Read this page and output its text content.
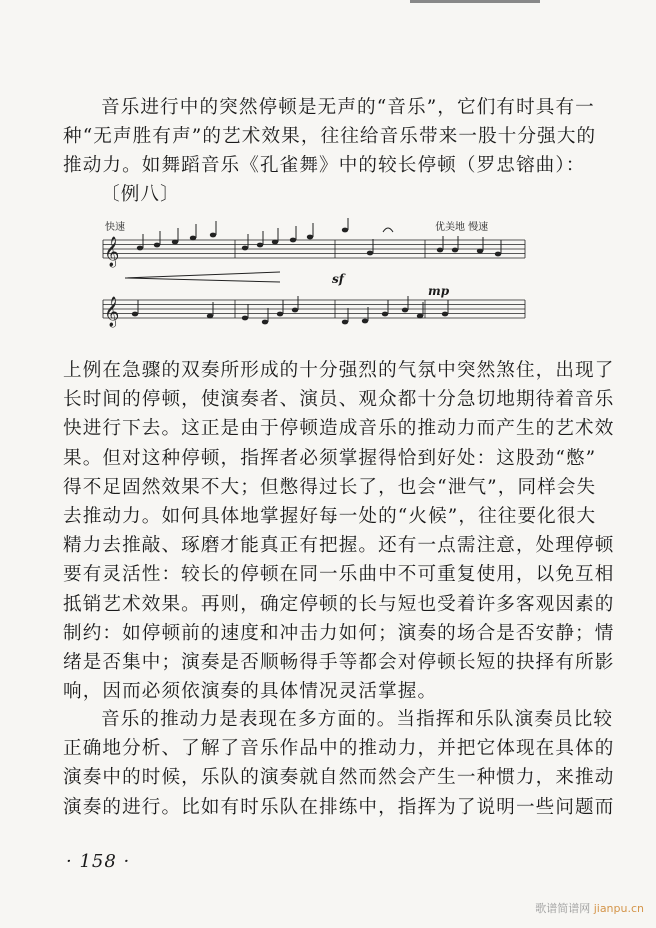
音乐进行中的突然停顿是无声的“音乐”，它们有时具有一
种“无声胜有声”的艺术效果，往往给音乐带来一股十分强大的
推动力。如舞蹈音乐《孔雀舞》中的较长停顿（罗忠镕曲）：
〔例八〕
快速	优美地 慢速
sf
mp
𝄞
𝄞
上例在急骤的双奏所形成的十分强烈的气氛中突然煞住，出现了
长时间的停顿，使演奏者、演员、观众都十分急切地期待着音乐
快进行下去。这正是由于停顿造成音乐的推动力而产生的艺术效
果。但对这种停顿，指挥者必须掌握得恰到好处：这股劲“憋”
得不足固然效果不大；但憋得过长了，也会“泄气”，同样会失
去推动力。如何具体地掌握好每一处的“火候”，往往要化很大
精力去推敲、琢磨才能真正有把握。还有一点需注意，处理停顿
要有灵活性：较长的停顿在同一乐曲中不可重复使用，以免互相
抵销艺术效果。再则，确定停顿的长与短也受着许多客观因素的
制约：如停顿前的速度和冲击力如何；演奏的场合是否安静；情
绪是否集中；演奏是否顺畅得手等都会对停顿长短的抉择有所影
响，因而必须依演奏的具体情况灵活掌握。
音乐的推动力是表现在多方面的。当指挥和乐队演奏员比较
正确地分析、了解了音乐作品中的推动力，并把它体现在具体的
演奏中的时候，乐队的演奏就自然而然会产生一种惯力，来推动
演奏的进行。比如有时乐队在排练中，指挥为了说明一些问题而
· 158 ·
歌谱简谱网 jianpu.cn
